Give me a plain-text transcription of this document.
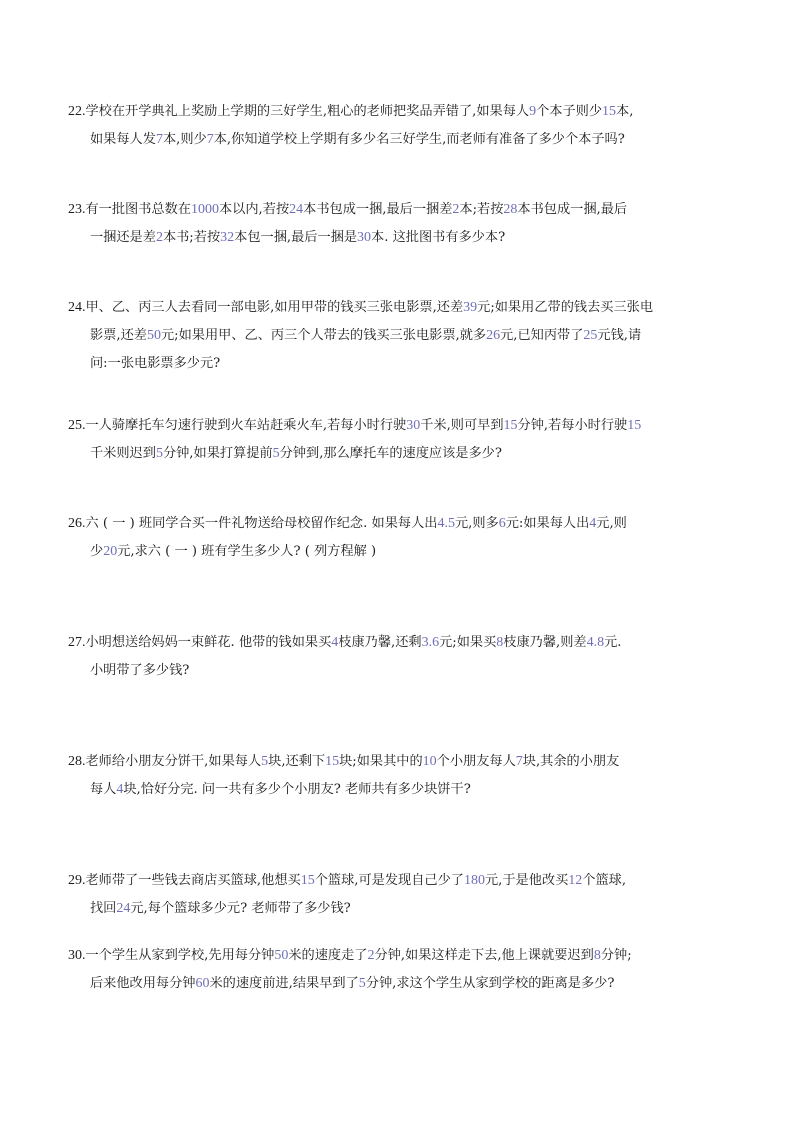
22.学校在开学典礼上奖励上学期的三好学生,粗心的老师把奖品弄错了,如果每人9个本子则少15本,
如果每人发7本,则少7本,你知道学校上学期有多少名三好学生,而老师有准备了多少个本子吗?
23.有一批图书总数在1000本以内,若按24本书包成一捆,最后一捆差2本;若按28本书包成一捆,最后
一捆还是差2本书;若按32本包一捆,最后一捆是30本. 这批图书有多少本?
24.甲、乙、丙三人去看同一部电影,如用甲带的钱买三张电影票,还差39元;如果用乙带的钱去买三张电
影票,还差50元;如果用甲、乙、丙三个人带去的钱买三张电影票,就多26元,已知丙带了25元钱,请
问:一张电影票多少元?
25.一人骑摩托车匀速行驶到火车站赶乘火车,若每小时行驶30千米,则可早到15分钟,若每小时行驶15
千米则迟到5分钟,如果打算提前5分钟到,那么摩托车的速度应该是多少?
26.六 ( 一 ) 班同学合买一件礼物送给母校留作纪念. 如果每人出4.5元,则多6元:如果每人出4元,则
少20元,求六 ( 一 ) 班有学生多少人? ( 列方程解 )
27.小明想送给妈妈一束鲜花. 他带的钱如果买4枝康乃馨,还剩3.6元;如果买8枝康乃馨,则差4.8元.
小明带了多少钱?
28.老师给小朋友分饼干,如果每人5块,还剩下15块;如果其中的10个小朋友每人7块,其余的小朋友
每人4块,恰好分完. 问一共有多少个小朋友? 老师共有多少块饼干?
29.老师带了一些钱去商店买篮球,他想买15个篮球,可是发现自己少了180元,于是他改买12个篮球,
找回24元,每个篮球多少元? 老师带了多少钱?
30.一个学生从家到学校,先用每分钟50米的速度走了2分钟,如果这样走下去,他上课就要迟到8分钟;
后来他改用每分钟60米的速度前进,结果早到了5分钟,求这个学生从家到学校的距离是多少?
